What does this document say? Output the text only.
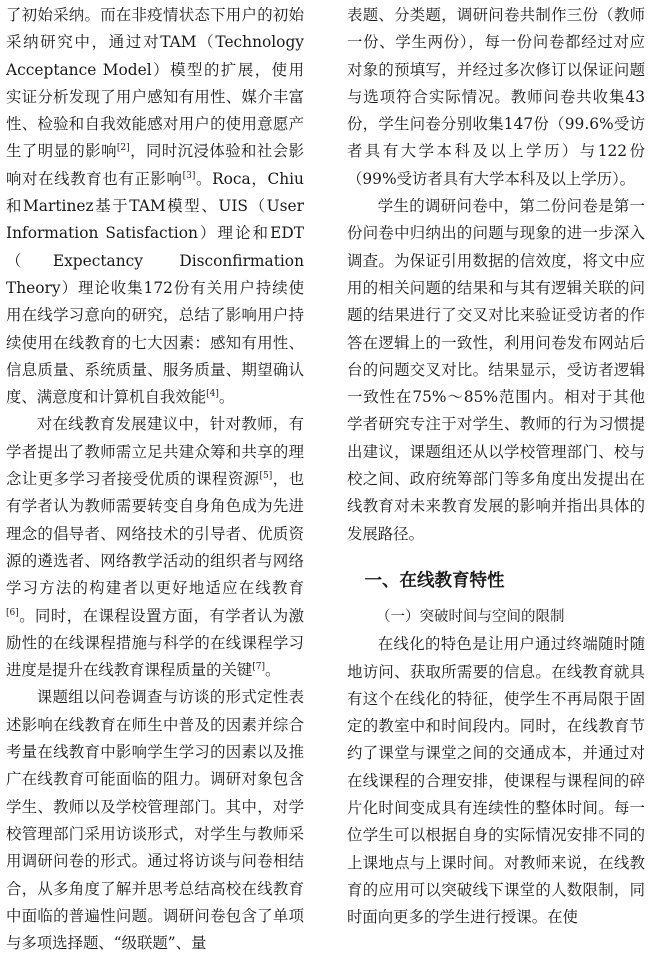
了初始采纳。而在非疫情状态下用户的初始采纳研究中，通过对TAM（Technology Acceptance Model）模型的扩展，使用实证分析发现了用户感知有用性、媒介丰富性、检验和自我效能感对用户的使用意愿产生了明显的影响[2]，同时沉浸体验和社会影响对在线教育也有正影响[3]。Roca，Chiu和Martinez基于TAM模型、UIS（User Information Satisfaction）理论和EDT（Expectancy Disconfirmation Theory）理论收集172份有关用户持续使用在线学习意向的研究，总结了影响用户持续使用在线教育的七大因素：感知有用性、信息质量、系统质量、服务质量、期望确认度、满意度和计算机自我效能[4]。

对在线教育发展建议中，针对教师，有学者提出了教师需立足共建众筹和共享的理念让更多学习者接受优质的课程资源[5]，也有学者认为教师需要转变自身角色成为先进理念的倡导者、网络技术的引导者、优质资源的遴选者、网络教学活动的组织者与网络学习方法的构建者以更好地适应在线教育[6]。同时，在课程设置方面，有学者认为激励性的在线课程措施与科学的在线课程学习进度是提升在线教育课程质量的关键[7]。

课题组以问卷调查与访谈的形式定性表述影响在线教育在师生中普及的因素并综合考量在线教育中影响学生学习的因素以及推广在线教育可能面临的阻力。调研对象包含学生、教师以及学校管理部门。其中，对学校管理部门采用访谈形式，对学生与教师采用调研问卷的形式。通过将访谈与问卷相结合，从多角度了解并思考总结高校在线教育中面临的普遍性问题。调研问卷包含了单项与多项选择题、“级联题”、量

表题、分类题，调研问卷共制作三份（教师一份、学生两份），每一份问卷都经过对应对象的预填写，并经过多次修订以保证问题与选项符合实际情况。教师问卷共收集43份，学生问卷分别收集147份（99.6%受访者具有大学本科及以上学历）与122份（99%受访者具有大学本科及以上学历）。

学生的调研问卷中，第二份问卷是第一份问卷中归纳出的问题与现象的进一步深入调查。为保证引用数据的信效度，将文中应用的相关问题的结果和与其有逻辑关联的问题的结果进行了交叉对比来验证受访者的作答在逻辑上的一致性，利用问卷发布网站后台的问题交叉对比。结果显示，受访者逻辑一致性在75%～85%范围内。相对于其他学者研究专注于对学生、教师的行为习惯提出建议，课题组还从以学校管理部门、校与校之间、政府统筹部门等多角度出发提出在线教育对未来教育发展的影响并指出具体的发展路径。

一、在线教育特性
（一）突破时间与空间的限制

在线化的特色是让用户通过终端随时随地访问、获取所需要的信息。在线教育就具有这个在线化的特征，使学生不再局限于固定的教室中和时间段内。同时，在线教育节约了课堂与课堂之间的交通成本，并通过对在线课程的合理安排，使课程与课程间的碎片化时间变成具有连续性的整体时间。每一位学生可以根据自身的实际情况安排不同的上课地点与上课时间。对教师来说，在线教育的应用可以突破线下课堂的人数限制，同时面向更多的学生进行授课。在使
